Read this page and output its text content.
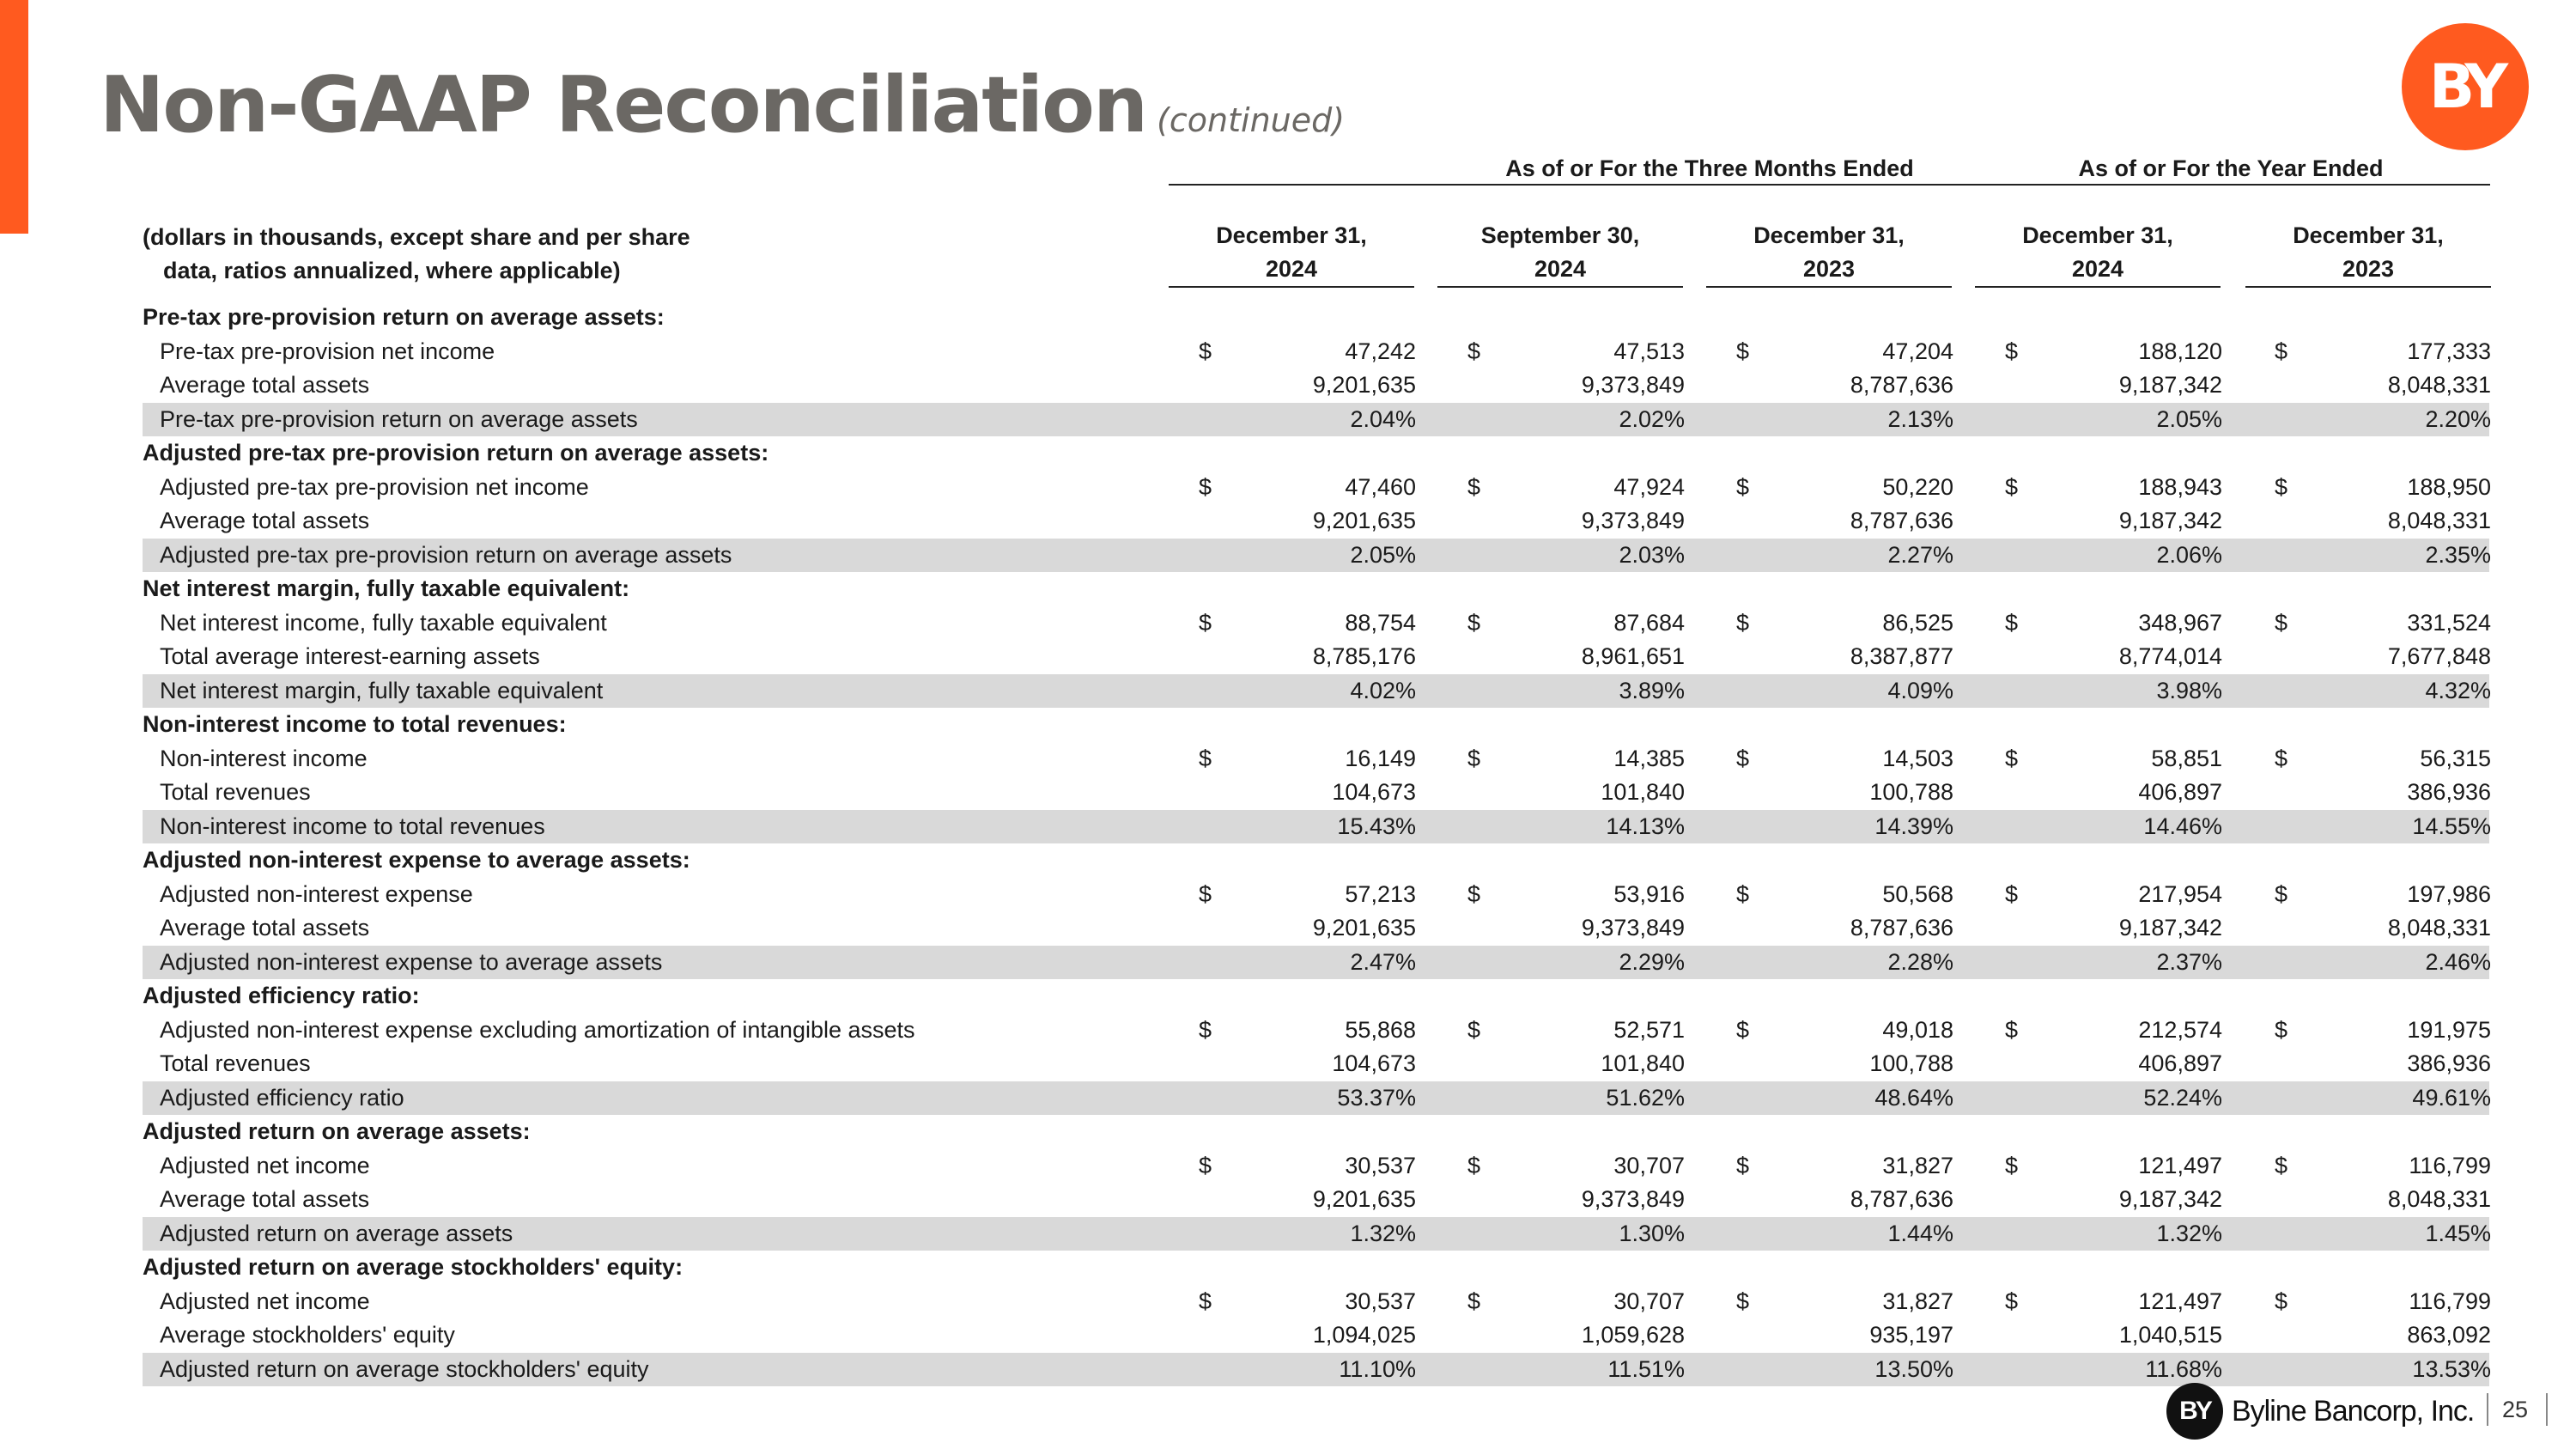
Non-GAAP Reconciliation (continued)	BY
As of or For the Three Months Ended	As of or For the Year Ended
(dollars in thousands, except share and per share
data, ratios annualized, where applicable)
December 31,
2024
September 30,
2024
December 31,
2023
December 31,
2024
December 31,
2023
Pre-tax pre-provision return on average assets:
Pre-tax pre-provision net income	$	47,242 $	47,513 $	47,204 $	188,120 $	177,333
Average total assets	9,201,635	9,373,849	8,787,636	9,187,342	8,048,331
Pre-tax pre-provision return on average assets	2.04%	2.02%	2.13%	2.05%	2.20%
Adjusted pre-tax pre-provision return on average assets:
Adjusted pre-tax pre-provision net income	$	47,460 $	47,924 $	50,220 $	188,943 $	188,950
Average total assets	9,201,635	9,373,849	8,787,636	9,187,342	8,048,331
Adjusted pre-tax pre-provision return on average assets	2.05%	2.03%	2.27%	2.06%	2.35%
Net interest margin, fully taxable equivalent:
Net interest income, fully taxable equivalent	$	88,754 $	87,684 $	86,525 $	348,967 $	331,524
Total average interest-earning assets	8,785,176	8,961,651	8,387,877	8,774,014	7,677,848
Net interest margin, fully taxable equivalent	4.02%	3.89%	4.09%	3.98%	4.32%
Non-interest income to total revenues:
Non-interest income	$	16,149 $	14,385 $	14,503 $	58,851 $	56,315
Total revenues	104,673	101,840	100,788	406,897	386,936
Non-interest income to total revenues	15.43%	14.13%	14.39%	14.46%	14.55%
Adjusted non-interest expense to average assets:
Adjusted non-interest expense	$	57,213 $	53,916 $	50,568 $	217,954 $	197,986
Average total assets	9,201,635	9,373,849	8,787,636	9,187,342	8,048,331
Adjusted non-interest expense to average assets	2.47%	2.29%	2.28%	2.37%	2.46%
Adjusted efficiency ratio:
Adjusted non-interest expense excluding amortization of intangible assets	$	55,868 $	52,571 $	49,018 $	212,574 $	191,975
Total revenues	104,673	101,840	100,788	406,897	386,936
Adjusted efficiency ratio	53.37%	51.62%	48.64%	52.24%	49.61%
Adjusted return on average assets:
Adjusted net income	$	30,537 $	30,707 $	31,827 $	121,497 $	116,799
Average total assets	9,201,635	9,373,849	8,787,636	9,187,342	8,048,331
Adjusted return on average assets	1.32%	1.30%	1.44%	1.32%	1.45%
Adjusted return on average stockholders' equity:
Adjusted net income	$	30,537 $	30,707 $	31,827 $	121,497 $	116,799
Average stockholders' equity	1,094,025	1,059,628	935,197	1,040,515	863,092
Adjusted return on average stockholders' equity	11.10%	11.51%	13.50%	11.68%	13.53%
BY Byline Bancorp, Inc. 25
